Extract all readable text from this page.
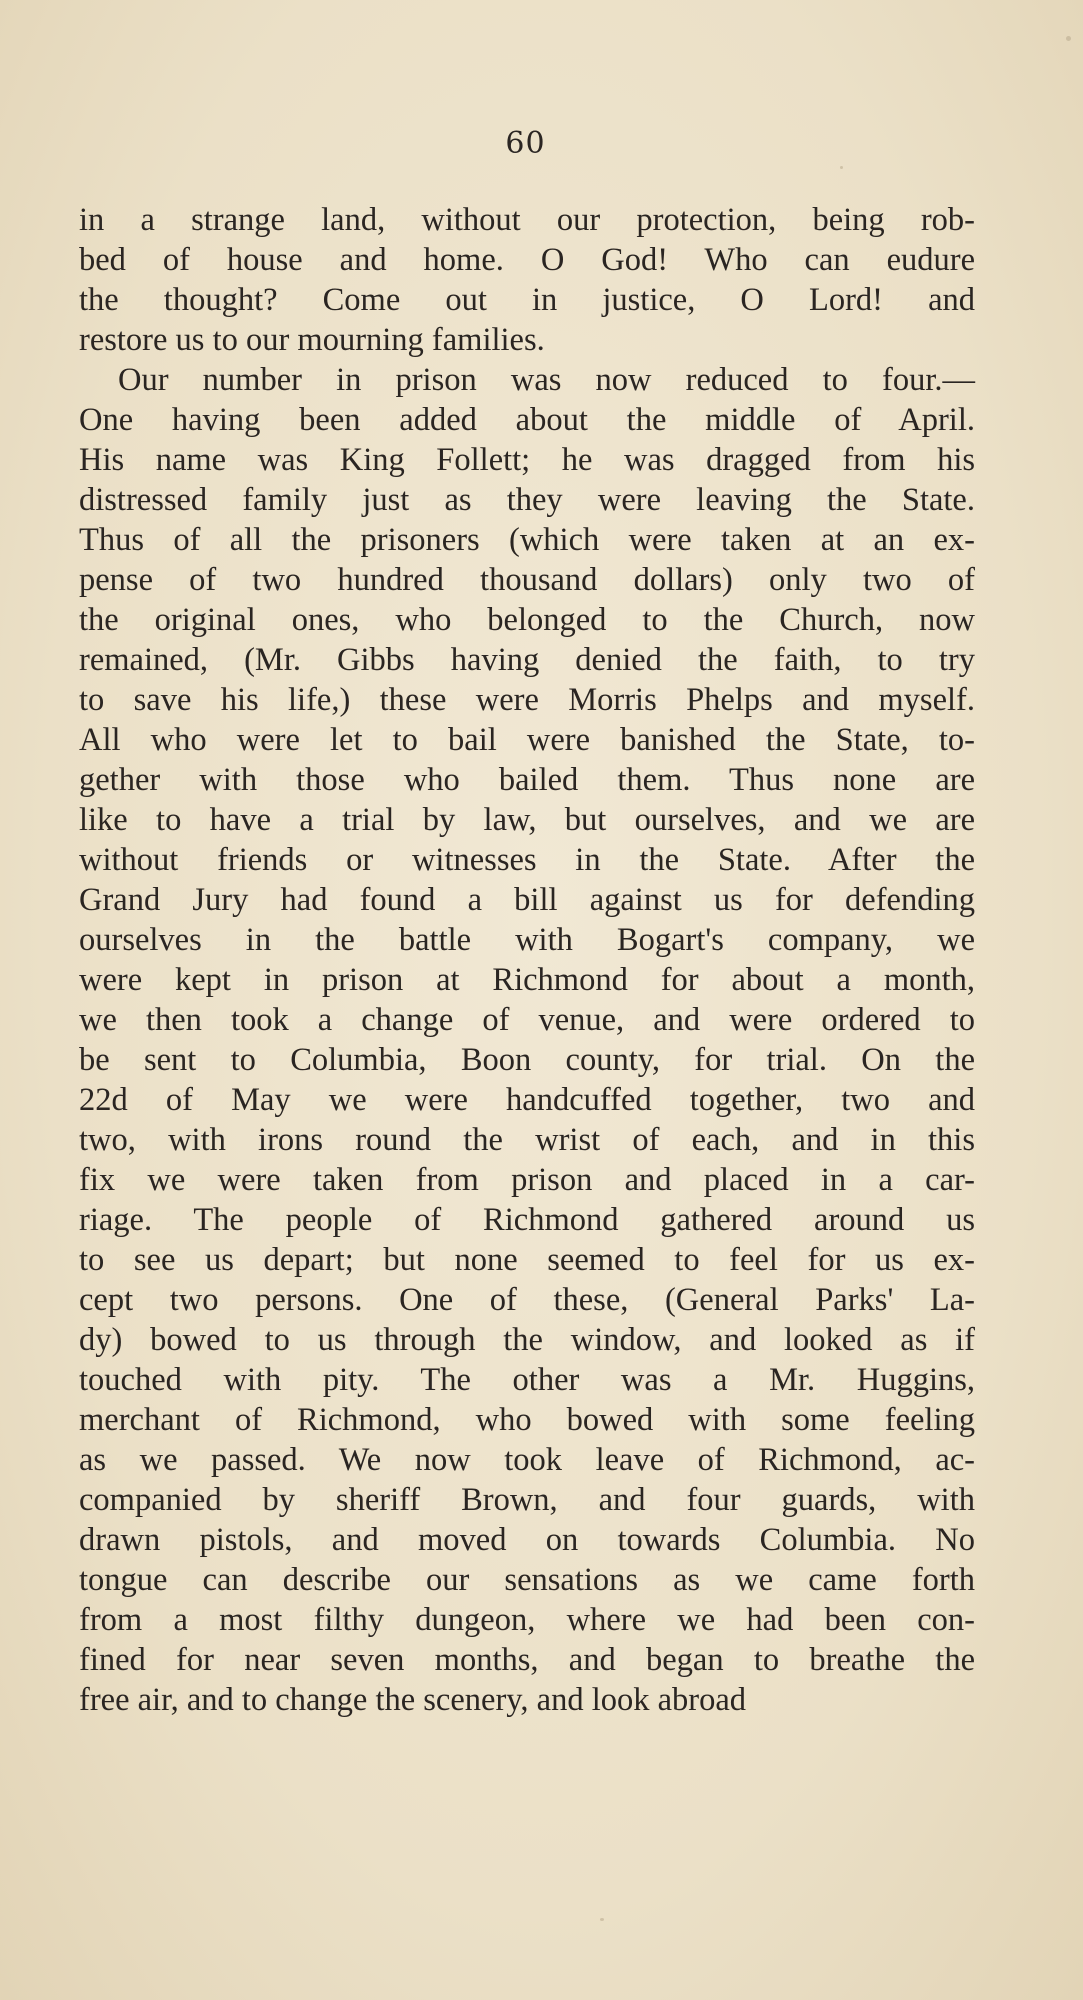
60
in a strange land, without our protection, being rob-
bed of house and home. O God! Who can eudure
the thought? Come out in justice, O Lord! and
restore us to our mourning families.
Our number in prison was now reduced to four.—
One having been added about the middle of April.
His name was King Follett; he was dragged from his
distressed family just as they were leaving the State.
Thus of all the prisoners (which were taken at an ex-
pense of two hundred thousand dollars) only two of
the original ones, who belonged to the Church, now
remained, (Mr. Gibbs having denied the faith, to try
to save his life,) these were Morris Phelps and myself.
All who were let to bail were banished the State, to-
gether with those who bailed them. Thus none are
like to have a trial by law, but ourselves, and we are
without friends or witnesses in the State. After the
Grand Jury had found a bill against us for defending
ourselves in the battle with Bogart's company, we
were kept in prison at Richmond for about a month,
we then took a change of venue, and were ordered to
be sent to Columbia, Boon county, for trial. On the
22d of May we were handcuffed together, two and
two, with irons round the wrist of each, and in this
fix we were taken from prison and placed in a car-
riage. The people of Richmond gathered around us
to see us depart; but none seemed to feel for us ex-
cept two persons. One of these, (General Parks' La-
dy) bowed to us through the window, and looked as if
touched with pity. The other was a Mr. Huggins,
merchant of Richmond, who bowed with some feeling
as we passed. We now took leave of Richmond, ac-
companied by sheriff Brown, and four guards, with
drawn pistols, and moved on towards Columbia. No
tongue can describe our sensations as we came forth
from a most filthy dungeon, where we had been con-
fined for near seven months, and began to breathe the
free air, and to change the scenery, and look abroad
